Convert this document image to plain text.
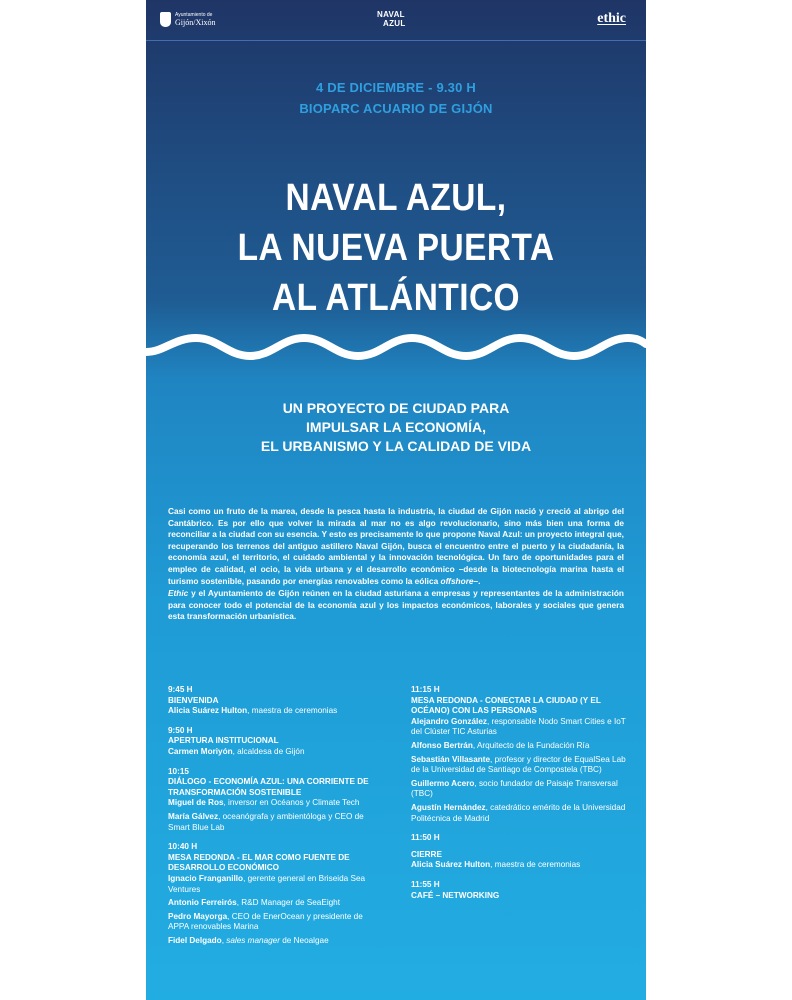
Ayuntamiento de
Gijón/Xixón
NAVAL
AZUL	ethic
4 DE DICIEMBRE - 9.30 H
BIOPARC ACUARIO DE GIJÓN
NAVAL AZUL,
LA NUEVA PUERTA
AL ATLÁNTICO
UN PROYECTO DE CIUDAD PARA
IMPULSAR LA ECONOMÍA,
EL URBANISMO Y LA CALIDAD DE VIDA

Casi como un fruto de la marea, desde la pesca hasta la industria, la ciudad de Gijón nació y creció al abrigo del Cantábrico. Es por ello que volver la mirada al mar no es algo revolucionario, sino más bien una forma de reconciliar a la ciudad con su esencia. Y esto es precisamente lo que propone Naval Azul: un proyecto integral que, recuperando los terrenos del antiguo astillero Naval Gijón, busca el encuentro entre el puerto y la ciudadanía, la economía azul, el territorio, el cuidado ambiental y la innovación tecnológica. Un faro de oportunidades para el empleo de calidad, el ocio, la vida urbana y el desarrollo económico –desde la biotecnología marina hasta el turismo sostenible, pasando por energías renovables como la eólica offshore–.

Ethic y el Ayuntamiento de Gijón reúnen en la ciudad asturiana a empresas y representantes de la administración para conocer todo el potencial de la economía azul y los impactos económicos, laborales y sociales que genera esta transformación urbanística.

9:45 H
BIENVENIDA
Alicia Suárez Hulton, maestra de ceremonias
9:50 H
APERTURA INSTITUCIONAL
Carmen Moriyón, alcaldesa de Gijón
10:15
DIÁLOGO - ECONOMÍA AZUL: UNA CORRIENTE DE TRANSFORMACIÓN SOSTENIBLE
Miguel de Ros, inversor en Océanos y Climate Tech
María Gálvez, oceanógrafa y ambientóloga y CEO de Smart Blue Lab
10:40 H
MESA REDONDA - EL MAR COMO FUENTE DE DESARROLLO ECONÓMICO
Ignacio Franganillo, gerente general en Briseida Sea Ventures
Antonio Ferreirós, R&D Manager de SeaEight
Pedro Mayorga, CEO de EnerOcean y presidente de APPA renovables Marina
Fidel Delgado, sales manager de Neoalgae
11:15 H
MESA REDONDA - CONECTAR LA CIUDAD (Y EL OCÉANO) CON LAS PERSONAS
Alejandro González, responsable Nodo Smart Cities e IoT del Clúster TIC Asturias
Alfonso Bertrán, Arquitecto de la Fundación Ría
Sebastián Villasante, profesor y director de EqualSea Lab de la Universidad de Santiago de Compostela (TBC)
Guillermo Acero, socio fundador de Paisaje Transversal (TBC)
Agustín Hernández, catedrático emérito de la Universidad Politécnica de Madrid
11:50 H
CIERRE
Alicia Suárez Hulton, maestra de ceremonias
11:55 H
CAFÉ – NETWORKING
